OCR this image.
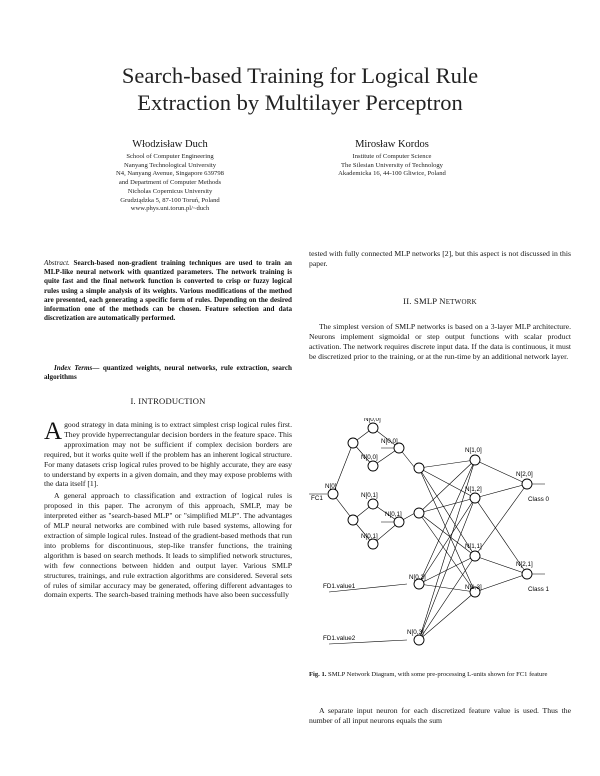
Search-based Training for Logical Rule
Extraction by Multilayer Perceptron
Włodzisław Duch
School of Computer Engineering
Nanyang Technological University
N4, Nanyang Avenue, Singapore 639798
and Department of Computer Methods
Nicholas Copernicus University
Grudziądzka 5, 87-100 Toruń, Poland
www.phys.uni.torun.pl/~duch
Mirosław Kordos
Institute of Computer Science
The Silesian University of Technology
Akademicka 16, 44-100 Gliwice, Poland
Abstract. Search-based non-gradient training techniques are used to train an MLP-like neural network with quantized parameters. The network training is quite fast and the final network function is converted to crisp or fuzzy logical rules using a simple analysis of its weights. Various modifications of the method are presented, each generating a specific form of rules. Depending on the desired information one of the methods can be chosen. Feature selection and data discretization are automatically performed.
Index Terms— quantized weights, neural networks, rule extraction, search algorithms
I. INTRODUCTION

Agood strategy in data mining is to extract simplest crisp logical rules first. They provide hyperrectangular decision borders in the feature space. This approximation may not be sufficient if complex decision borders are required, but it works quite well if the problem has an inherent logical structure. For many datasets crisp logical rules proved to be highly accurate, they are easy to understand by experts in a given domain, and they may expose problems with the data itself [1].

A general approach to classification and extraction of logical rules is proposed in this paper. The acronym of this approach, SMLP, may be interpreted either as "search-based MLP" or "simplified MLP". The advantages of MLP neural networks are combined with rule based systems, allowing for extraction of simple logical rules. Instead of the gradient-based methods that run into problems for discontinuous, step-like transfer functions, the training algorithm is based on search methods. It leads to simplified network structures, with few connections between hidden and output layer. Various SMLP structures, trainings, and rule extraction algorithms are considered. Several sets of rules of similar accuracy may be generated, offering different advantages to domain experts. The search-based training methods have also been successfully

tested with fully connected MLP networks [2], but this aspect is not discussed in this paper.
II. SMLP NETWORK
The simplest version of SMLP networks is based on a 3-layer MLP architecture. Neurons implement sigmoidal or step output functions with scalar product activation. The network requires discrete input data. If the data is continuous, it must be discretized prior to the training, or at the run-time by an additional network layer.
FC1
N[0]
N[0,0]
N[0,0]
N[0,0]
N[0,1]
N[0,1]
N[0,1]
N[0,2]
N[0,3]
FD1.value1
FD1.value2
N[1,0]
N[1,2]
N[1,1]
N[1,3]
N[2,0]
N[2,1]
Class 0
Class 1
Fig. 1. SMLP Network Diagram, with some pre-processing L-units shown for FC1 feature
A separate input neuron for each discretized feature value is used. Thus the number of all input neurons equals the sum
